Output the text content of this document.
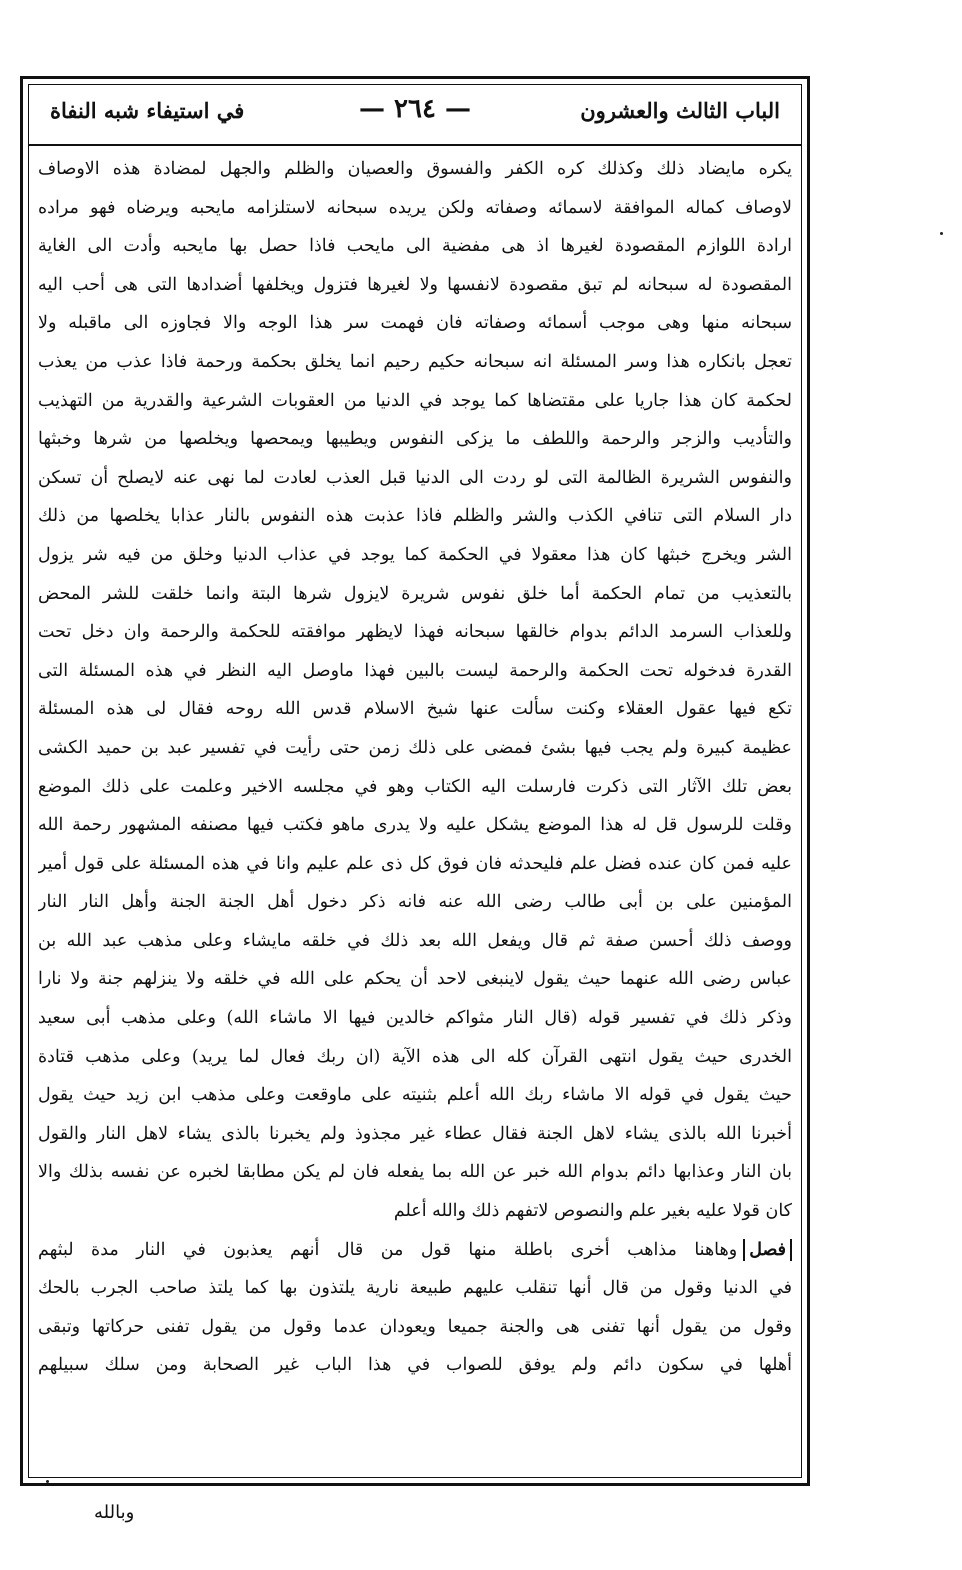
الباب الثالث والعشرون
— ٢٦٤ —
في استيفاء شبه النفاة
يكره مايضاد ذلك وكذلك كره الكفر والفسوق والعصيان والظلم والجهل لمضادة هذه الاوصاف
لاوصاف كماله الموافقة لاسمائه وصفاته ولكن يريده سبحانه لاستلزامه مايحبه ويرضاه فهو مراده
ارادة اللوازم المقصودة لغيرها اذ هى مفضية الى مايحب فاذا حصل بها مايحبه وأدت الى الغاية
المقصودة له سبحانه لم تبق مقصودة لانفسها ولا لغيرها فتزول ويخلفها أضدادها التى هى أحب اليه
سبحانه منها وهى موجب أسمائه وصفاته فان فهمت سر هذا الوجه والا فجاوزه الى ماقبله ولا
تعجل بانكاره هذا وسر المسئلة انه سبحانه حكيم رحيم انما يخلق بحكمة ورحمة فاذا عذب من يعذب
لحكمة كان هذا جاريا على مقتضاها كما يوجد في الدنيا من العقوبات الشرعية والقدرية من التهذيب
والتأديب والزجر والرحمة واللطف ما يزكى النفوس ويطيبها ويمحصها ويخلصها من شرها وخبثها
والنفوس الشريرة الظالمة التى لو ردت الى الدنيا قبل العذب لعادت لما نهى عنه لايصلح أن تسكن
دار السلام التى تنافي الكذب والشر والظلم فاذا عذبت هذه النفوس بالنار عذابا يخلصها من ذلك
الشر ويخرج خبثها كان هذا معقولا في الحكمة كما يوجد في عذاب الدنيا وخلق من فيه شر يزول
بالتعذيب من تمام الحكمة أما خلق نفوس شريرة لايزول شرها البتة وانما خلقت للشر المحض
وللعذاب السرمد الدائم بدوام خالقها سبحانه فهذا لايظهر موافقته للحكمة والرحمة وان دخل تحت
القدرة فدخوله تحت الحكمة والرحمة ليست بالبين فهذا ماوصل اليه النظر في هذه المسئلة التى
تكع فيها عقول العقلاء وكنت سألت عنها شيخ الاسلام قدس الله روحه فقال لى هذه المسئلة
عظيمة كبيرة ولم يجب فيها بشئ فمضى على ذلك زمن حتى رأيت في تفسير عبد بن حميد الكشى
بعض تلك الآثار التى ذكرت فارسلت اليه الكتاب وهو في مجلسه الاخير وعلمت على ذلك الموضع
وقلت للرسول قل له هذا الموضع يشكل عليه ولا يدرى ماهو فكتب فيها مصنفه المشهور رحمة الله
عليه فمن كان عنده فضل علم فليحدثه فان فوق كل ذى علم عليم وانا في هذه المسئلة على قول أمير
المؤمنين على بن أبى طالب رضى الله عنه فانه ذكر دخول أهل الجنة الجنة وأهل النار النار
ووصف ذلك أحسن صفة ثم قال ويفعل الله بعد ذلك في خلقه مايشاء وعلى مذهب عبد الله بن
عباس رضى الله عنهما حيث يقول لاينبغى لاحد أن يحكم على الله في خلقه ولا ينزلهم جنة ولا نارا
وذكر ذلك في تفسير قوله (قال النار مثواكم خالدين فيها الا ماشاء الله) وعلى مذهب أبى سعيد
الخدرى حيث يقول انتهى القرآن كله الى هذه الآية (ان ربك فعال لما يريد) وعلى مذهب قتادة
حيث يقول في قوله الا ماشاء ربك الله أعلم بثنيته على ماوقعت وعلى مذهب ابن زيد حيث يقول
أخبرنا الله بالذى يشاء لاهل الجنة فقال عطاء غير مجذوذ ولم يخبرنا بالذى يشاء لاهل النار والقول
بان النار وعذابها دائم بدوام الله خبر عن الله بما يفعله فان لم يكن مطابقا لخبره عن نفسه بذلك والا
كان قولا عليه بغير علم والنصوص لاتفهم ذلك والله أعلم
فصلوهاهنا مذاهب أخرى باطلة منها قول من قال أنهم يعذبون في النار مدة لبثهم
في الدنيا وقول من قال أنها تنقلب عليهم طبيعة نارية يلتذون بها كما يلتذ صاحب الجرب بالحك
وقول من يقول أنها تفنى هى والجنة جميعا ويعودان عدما وقول من يقول تفنى حركاتها وتبقى
أهلها في سكون دائم ولم يوفق للصواب في هذا الباب غير الصحابة ومن سلك سبيلهم
وبالله
